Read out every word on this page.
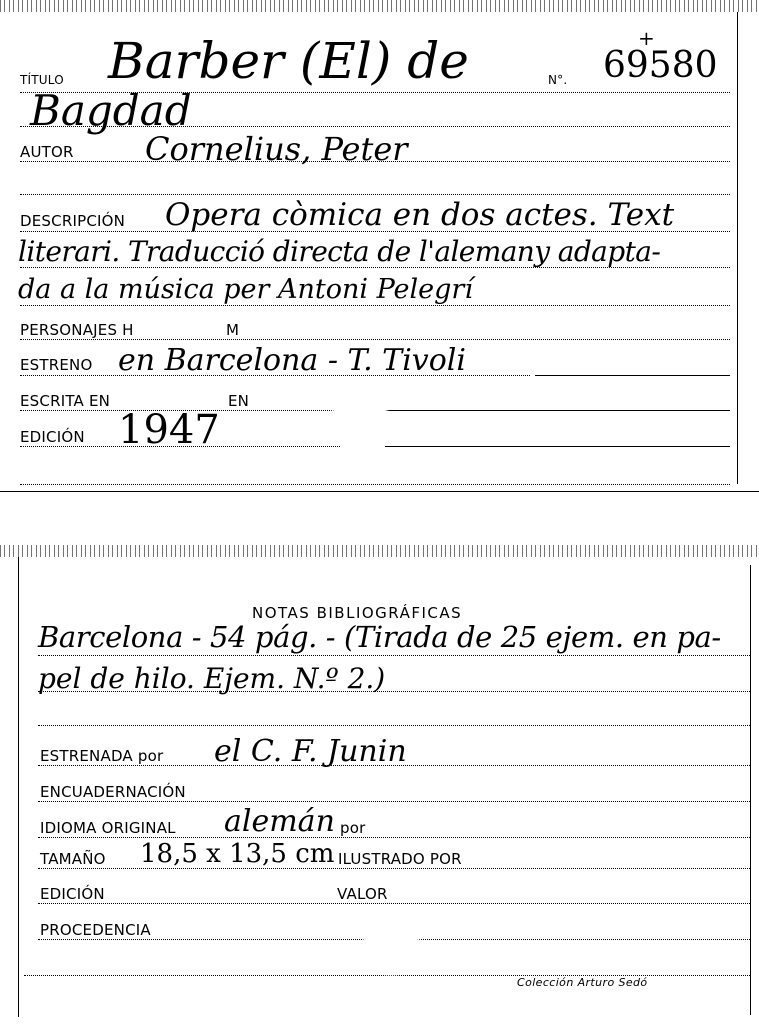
TÍTULO Barber (El) de	N°. 69580
+
Bagdad
AUTOR Cornelius, Peter
DESCRIPCIÓN Opera còmica en dos actes. Text
literari. Traducció directa de l'alemany adapta-
da a la música per Antoni Pelegrí
PERSONAJES H	M
ESTRENO en Barcelona - T. Tivoli
ESCRITA EN	EN
EDICIÓN 1947
NOTAS BIBLIOGRÁFICAS
Barcelona - 54 pág. - (Tirada de 25 ejem. en pa-
pel de hilo. Ejem. N.º 2.)
ESTRENADA por el C. F. Junin
ENCUADERNACIÓN
IDIOMA ORIGINAL alemán por
TAMAÑO 18,5 x 13,5 cm ILUSTRADO POR
EDICIÓN	VALOR
PROCEDENCIA
Colección Arturo Sedó
